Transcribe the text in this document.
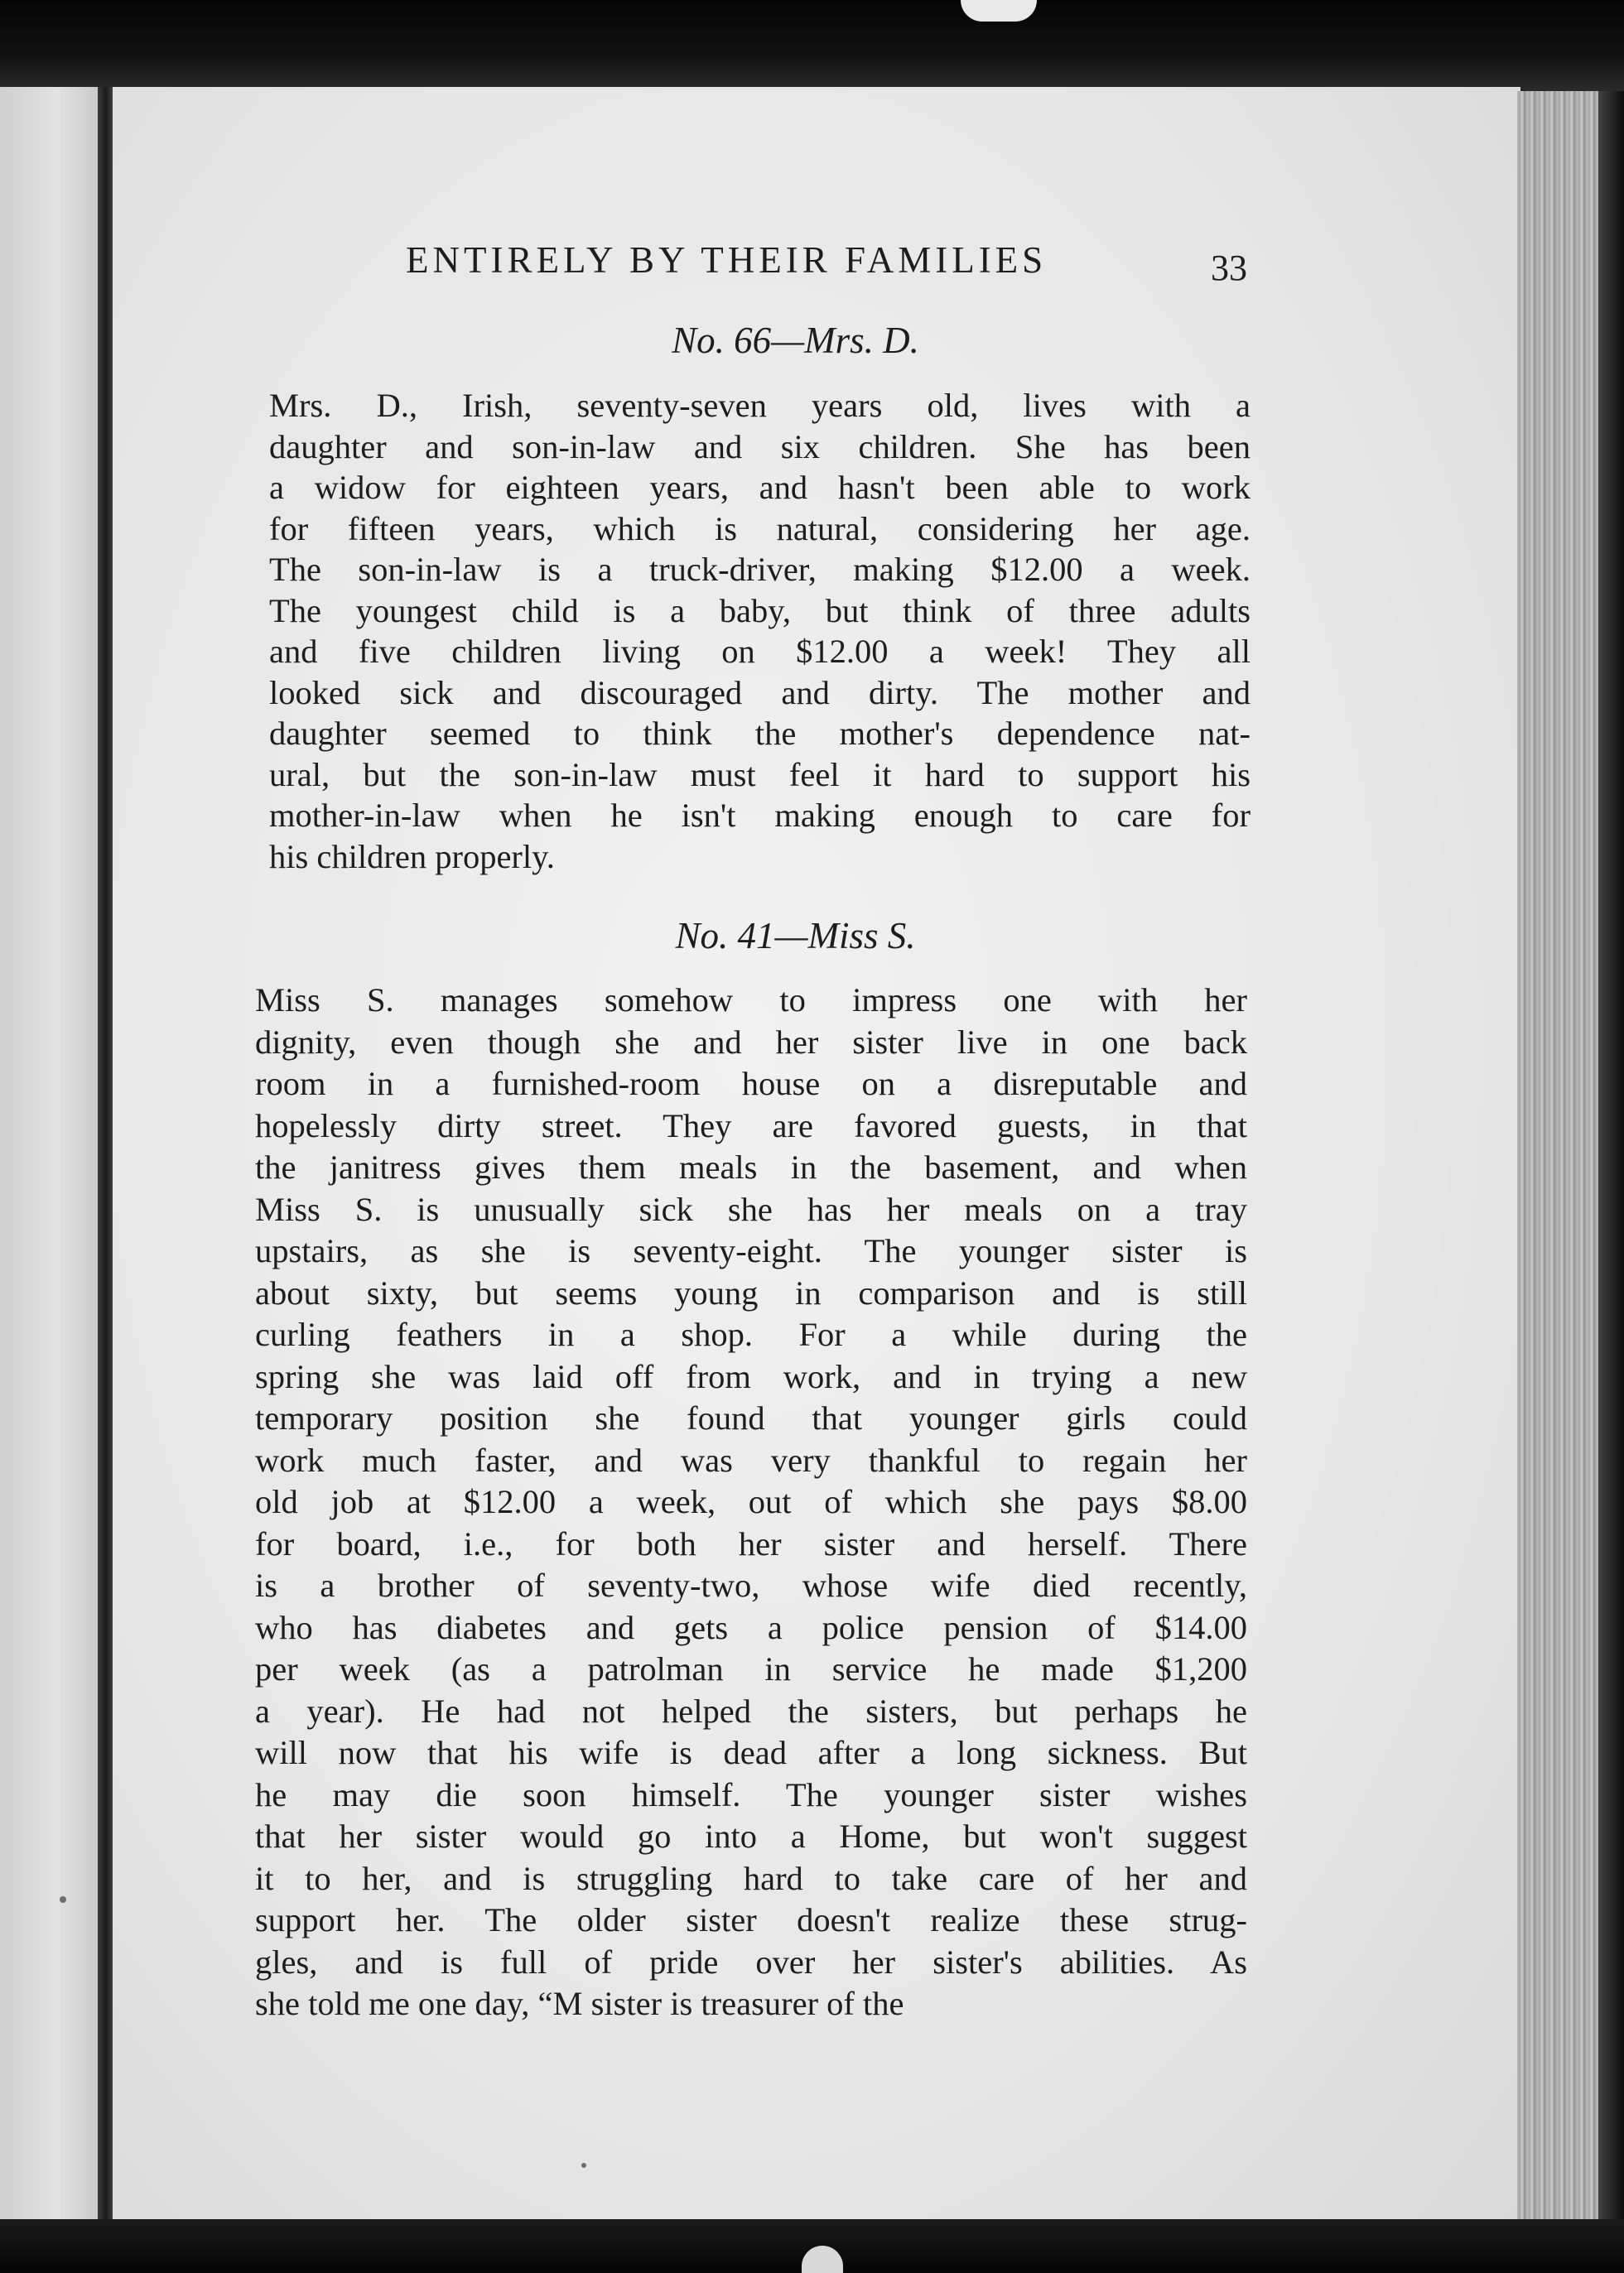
ENTIRELY BY THEIR FAMILIES	33
No. 66—Mrs. D.
Mrs. D., Irish, seventy-seven years old, lives with a
daughter and son-in-law and six children. She has been
a widow for eighteen years, and hasn't been able to work
for fifteen years, which is natural, considering her age.
The son-in-law is a truck-driver, making $12.00 a week.
The youngest child is a baby, but think of three adults
and five children living on $12.00 a week! They all
looked sick and discouraged and dirty. The mother and
daughter seemed to think the mother's dependence nat-
ural, but the son-in-law must feel it hard to support his
mother-in-law when he isn't making enough to care for
his children properly.
No. 41—Miss S.
Miss S. manages somehow to impress one with her
dignity, even though she and her sister live in one back
room in a furnished-room house on a disreputable and
hopelessly dirty street. They are favored guests, in that
the janitress gives them meals in the basement, and when
Miss S. is unusually sick she has her meals on a tray
upstairs, as she is seventy-eight. The younger sister is
about sixty, but seems young in comparison and is still
curling feathers in a shop. For a while during the
spring she was laid off from work, and in trying a new
temporary position she found that younger girls could
work much faster, and was very thankful to regain her
old job at $12.00 a week, out of which she pays $8.00
for board, i.e., for both her sister and herself. There
is a brother of seventy-two, whose wife died recently,
who has diabetes and gets a police pension of $14.00
per week (as a patrolman in service he made $1,200
a year). He had not helped the sisters, but perhaps he
will now that his wife is dead after a long sickness. But
he may die soon himself. The younger sister wishes
that her sister would go into a Home, but won't suggest
it to her, and is struggling hard to take care of her and
support her. The older sister doesn't realize these strug-
gles, and is full of pride over her sister's abilities. As
she told me one day, “M sister is treasurer of the
